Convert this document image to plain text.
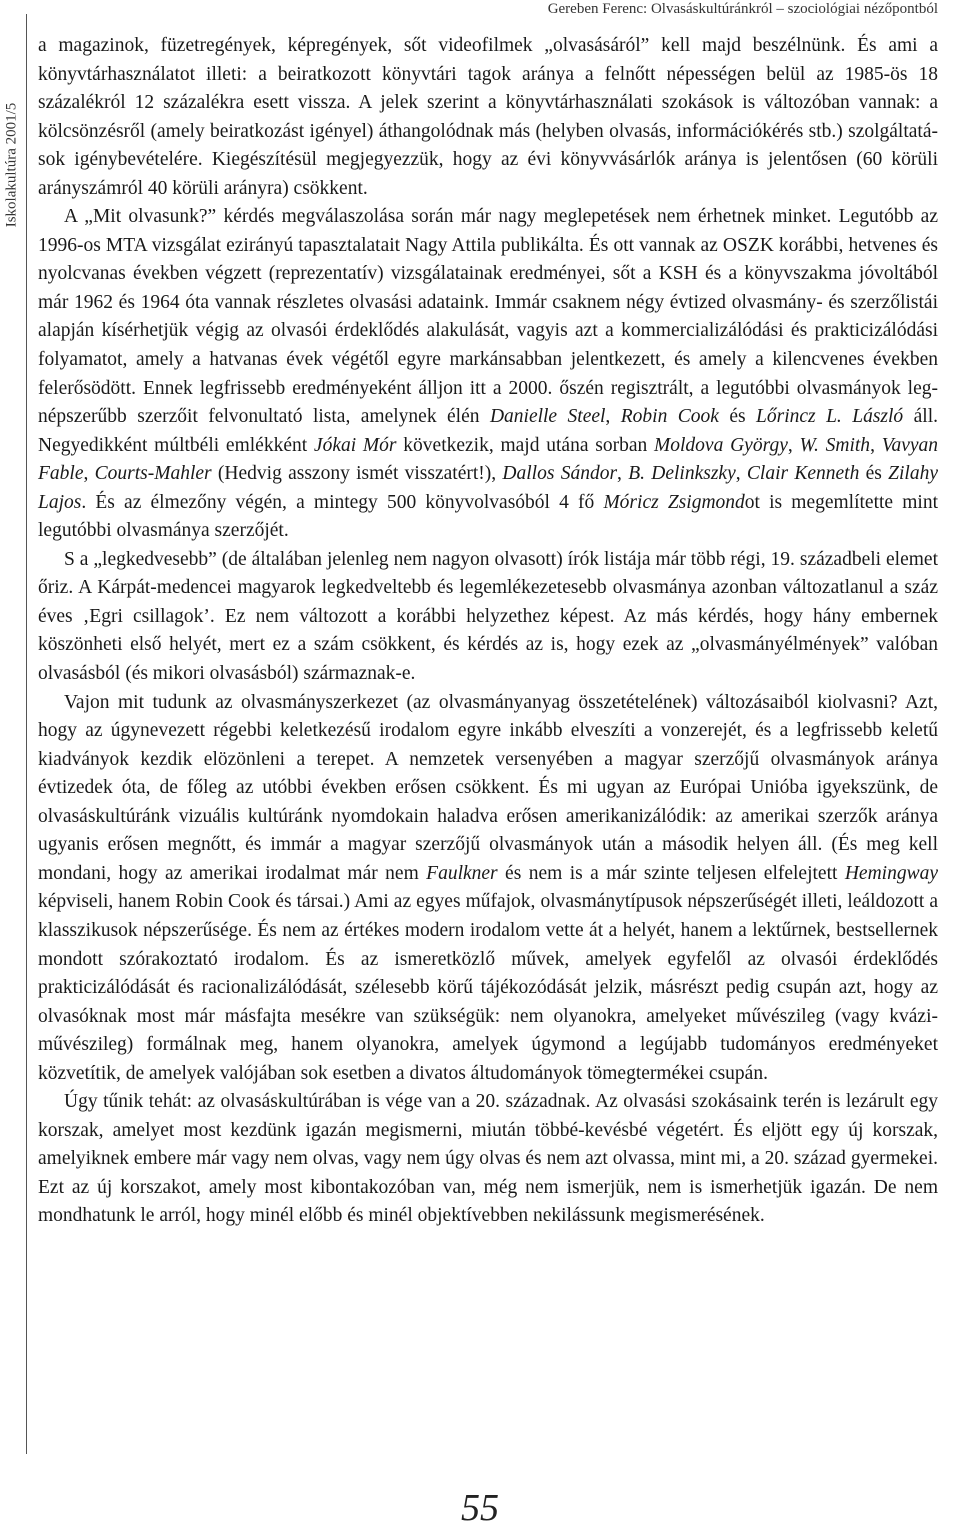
Gereben Ferenc: Olvasáskultúránkról – szociológiai nézőpontból
Iskolakultúra 2001/5

a magazinok, füzetregények, képregények, sőt videofilmek „olvasásáról” kell majd beszélnünk. És ami a könyvtárhasználatot illeti: a beiratkozott könyvtári tagok aránya a felnőtt népességen belül az 1985-ös 18 százalékról 12 százalékra esett vissza. A jelek szerint a könyvtárhasználati szokások is változóban vannak: a kölcsönzésről (amely beiratkozást igényel) áthangolódnak más (helyben olvasás, információkérés stb.) szolgáltatások igénybevételére. Kiegészítésül megjegyezzük, hogy az évi könyvvásárlók aránya is jelentősen (60 körüli arányszámról 40 körüli arányra) csökkent.

A „Mit olvasunk?” kérdés megválaszolása során már nagy meglepetések nem érhetnek minket. Legutóbb az 1996-os MTA vizsgálat ezirányú tapasztalatait Nagy Attila publikálta. És ott vannak az OSZK korábbi, hetvenes és nyolcvanas években végzett (reprezentatív) vizsgálatainak eredményei, sőt a KSH és a könyvszakma jóvoltából már 1962 és 1964 óta vannak részletes olvasási adataink. Immár csaknem négy évtized olvasmány- és szerzőlistái alapján kísérhetjük végig az olvasói érdeklődés alakulását, vagyis azt a kommercializálódási és prakticizálódási folyamatot, amely a hatvanas évek végétől egyre markánsabban jelentkezett, és amely a kilencvenes években felerősödött. Ennek legfrissebb eredményeként álljon itt a 2000. őszén regisztrált, a legutóbbi olvasmányok legnépszerűbb szerzőit felvonultató lista, amelynek élén Danielle Steel, Robin Cook és Lőrincz L. László áll. Negyedikként múltbéli emlékként Jókai Mór következik, majd utána sorban Moldova György, W. Smith, Vavyan Fable, Courts-Mahler (Hedvig asszony ismét visszatért!), Dallos Sándor, B. Delinkszky, Clair Kenneth és Zilahy Lajos. És az élmezőny végén, a mintegy 500 könyvolvasóból 4 fő Móricz Zsigmondot is megemlítette mint legutóbbi olvasmánya szerzőjét.

S a „legkedvesebb” (de általában jelenleg nem nagyon olvasott) írók listája már több régi, 19. századbeli elemet őriz. A Kárpát-medencei magyarok legkedveltebb és legemlékezetesebb olvasmánya azonban változatlanul a száz éves ‚Egri csillagok’. Ez nem változott a korábbi helyzethez képest. Az más kérdés, hogy hány embernek köszönheti első helyét, mert ez a szám csökkent, és kérdés az is, hogy ezek az „olvasmányélmények” valóban olvasásból (és mikori olvasásból) származnak-e.

Vajon mit tudunk az olvasmányszerkezet (az olvasmányanyag összetételének) változásaiból kiolvasni? Azt, hogy az úgynevezett régebbi keletkezésű irodalom egyre inkább elveszíti a vonzerejét, és a legfrissebb keletű kiadványok kezdik elözönleni a terepet. A nemzetek versenyében a magyar szerzőjű olvasmányok aránya évtizedek óta, de főleg az utóbbi években erősen csökkent. És mi ugyan az Európai Unióba igyekszünk, de olvasáskultúránk vizuális kultúránk nyomdokain haladva erősen amerikanizálódik: az amerikai szerzők aránya ugyanis erősen megnőtt, és immár a magyar szerzőjű olvasmányok után a második helyen áll. (És meg kell mondani, hogy az amerikai irodalmat már nem Faulkner és nem is a már szinte teljesen elfelejtett Hemingway képviseli, hanem Robin Cook és társai.) Ami az egyes műfajok, olvasmánytípusok népszerűségét illeti, leáldozott a klasszikusok népszerűsége. És nem az értékes modern irodalom vette át a helyét, hanem a lektűrnek, bestsellernek mondott szórakoztató irodalom. És az ismeretközlő művek, amelyek egyfelől az olvasói érdeklődés prakticizálódását és racionalizálódását, szélesebb körű tájékozódását jelzik, másrészt pedig csupán azt, hogy az olvasóknak most már másfajta mesékre van szükségük: nem olyanokra, amelyeket művészileg (vagy kvázi-művészileg) formálnak meg, hanem olyanokra, amelyek úgymond a legújabb tudományos eredményeket közvetítik, de amelyek valójában sok esetben a divatos áltudományok tömegtermékei csupán.

Úgy tűnik tehát: az olvasáskultúrában is vége van a 20. századnak. Az olvasási szokásaink terén is lezárult egy korszak, amelyet most kezdünk igazán megismerni, miután többé-kevésbé végetért. És eljött egy új korszak, amelyiknek embere már vagy nem olvas, vagy nem úgy olvas és nem azt olvassa, mint mi, a 20. század gyermekei. Ezt az új korszakot, amely most kibontakozóban van, még nem ismerjük, nem is ismerhetjük igazán. De nem mondhatunk le arról, hogy minél előbb és minél objektívebben nekilássunk megismerésének.

55
